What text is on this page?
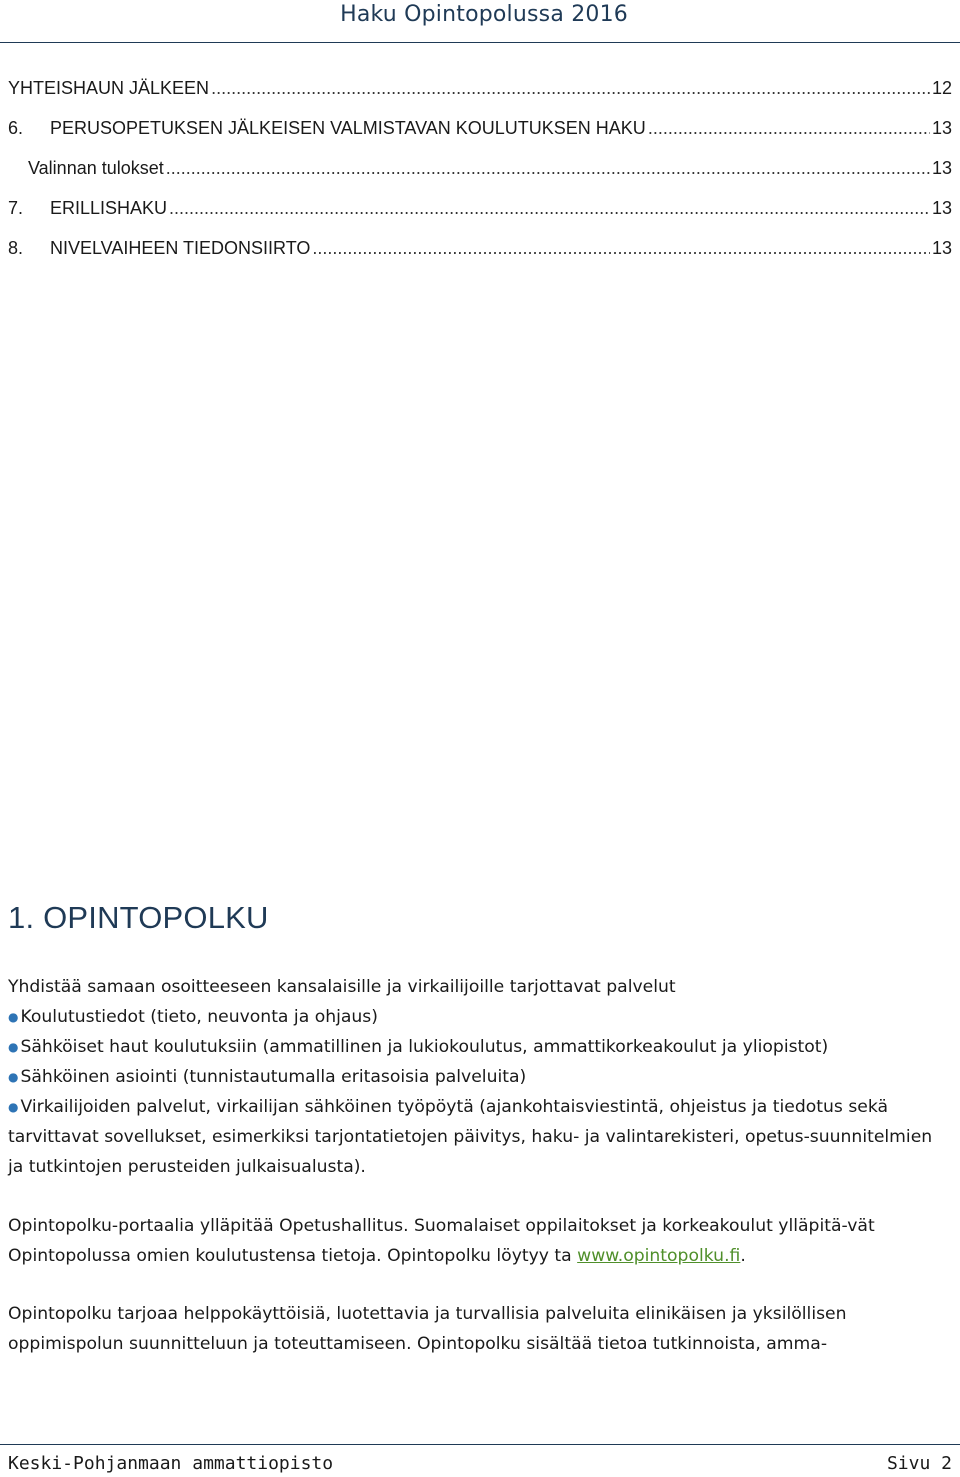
Haku Opintopolussa 2016
YHTEISHAUN JÄLKEEN .....	12
6.	PERUSOPETUKSEN JÄLKEISEN VALMISTAVAN KOULUTUKSEN HAKU .....	13
Valinnan tulokset .....	13
7.	ERILLISHAKU .....	13
8.	NIVELVAIHEEN TIEDONSIIRTO .....	13
1. OPINTOPOLKU

Yhdistää samaan osoitteeseen kansalaisille ja virkailijoille tarjottavat palvelut

● Koulutustiedot (tieto, neuvonta ja ohjaus)

● Sähköiset haut koulutuksiin (ammatillinen ja lukiokoulutus, ammattikorkeakoulut ja yliopistot)

● Sähköinen asiointi (tunnistautumalla eritasoisia palveluita)

● Virkailijoiden palvelut, virkailijan sähköinen työpöytä (ajankohtaisviestintä, ohjeistus ja tiedotus sekä tarvittavat sovellukset, esimerkiksi tarjontatietojen päivitys, haku- ja valintarekisteri, opetus-suunnitelmien ja tutkintojen perusteiden julkaisualusta).

Opintopolku-portaalia ylläpitää Opetushallitus. Suomalaiset oppilaitokset ja korkeakoulut ylläpitä-vät Opintopolussa omien koulutustensa tietoja. Opintopolku löytyy ta www.opintopolku.fi.

Opintopolku tarjoaa helppokäyttöisiä, luotettavia ja turvallisia palveluita elinikäisen ja yksilöllisen oppimispolun suunnitteluun ja toteuttamiseen. Opintopolku sisältää tietoa tutkinnoista, amma-

Keski-Pohjanmaan ammattiopisto	Sivu 2
